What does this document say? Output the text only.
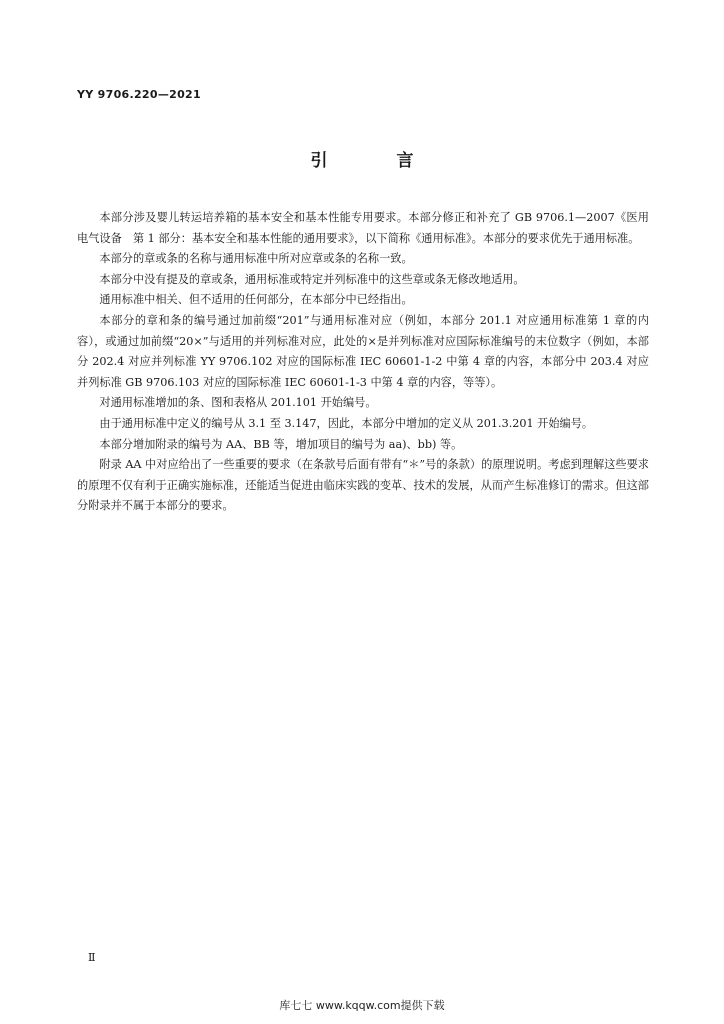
YY 9706.220—2021
引　言

本部分涉及婴儿转运培养箱的基本安全和基本性能专用要求。本部分修正和补充了 GB 9706.1—2007《医用电气设备　第 1 部分：基本安全和基本性能的通用要求》，以下简称《通用标准》。本部分的要求优先于通用标准。

本部分的章或条的名称与通用标准中所对应章或条的名称一致。

本部分中没有提及的章或条，通用标准或特定并列标准中的这些章或条无修改地适用。

通用标准中相关、但不适用的任何部分，在本部分中已经指出。

本部分的章和条的编号通过加前缀“201”与通用标准对应（例如，本部分 201.1 对应通用标准第 1 章的内容），或通过加前缀“20×”与适用的并列标准对应，此处的×是并列标准对应国际标准编号的末位数字（例如，本部分 202.4 对应并列标准 YY 9706.102 对应的国际标准 IEC 60601-1-2 中第 4 章的内容，本部分中 203.4 对应并列标准 GB 9706.103 对应的国际标准 IEC 60601-1-3 中第 4 章的内容，等等）。

对通用标准增加的条、图和表格从 201.101 开始编号。

由于通用标准中定义的编号从 3.1 至 3.147，因此，本部分中增加的定义从 201.3.201 开始编号。

本部分增加附录的编号为 AA、BB 等，增加项目的编号为 aa)、bb) 等。

附录 AA 中对应给出了一些重要的要求（在条款号后面有带有“＊”号的条款）的原理说明。考虑到理解这些要求的原理不仅有利于正确实施标准，还能适当促进由临床实践的变革、技术的发展，从而产生标准修订的需求。但这部分附录并不属于本部分的要求。

Ⅱ
库七七 www.kqqw.com提供下载
